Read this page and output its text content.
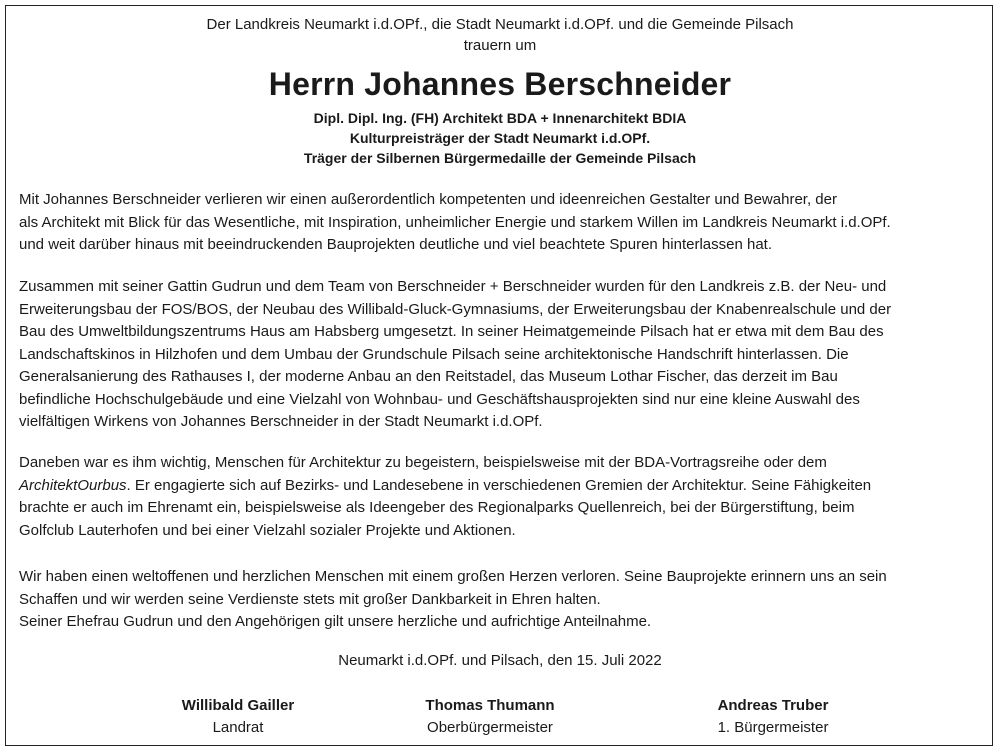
Der Landkreis Neumarkt i.d.OPf., die Stadt Neumarkt i.d.OPf. und die Gemeinde Pilsach
trauern um
Herrn Johannes Berschneider
Dipl. Dipl. Ing. (FH) Architekt BDA + Innenarchitekt BDIA
Kulturpreisträger der Stadt Neumarkt i.d.OPf.
Träger der Silbernen Bürgermedaille der Gemeinde Pilsach
Mit Johannes Berschneider verlieren wir einen außerordentlich kompetenten und ideenreichen Gestalter und Bewahrer, der
als Architekt mit Blick für das Wesentliche, mit Inspiration, unheimlicher Energie und starkem Willen im Landkreis Neumarkt i.d.OPf.
und weit darüber hinaus mit beeindruckenden Bauprojekten deutliche und viel beachtete Spuren hinterlassen hat.
Zusammen mit seiner Gattin Gudrun und dem Team von Berschneider + Berschneider wurden für den Landkreis z.B. der Neu- und
Erweiterungsbau der FOS/BOS, der Neubau des Willibald-Gluck-Gymnasiums, der Erweiterungsbau der Knabenrealschule und der
Bau des Umweltbildungszentrums Haus am Habsberg umgesetzt. In seiner Heimatgemeinde Pilsach hat er etwa mit dem Bau des
Landschaftskinos in Hilzhofen und dem Umbau der Grundschule Pilsach seine architektonische Handschrift hinterlassen. Die
Generalsanierung des Rathauses I, der moderne Anbau an den Reitstadel, das Museum Lothar Fischer, das derzeit im Bau
befindliche Hochschulgebäude und eine Vielzahl von Wohnbau- und Geschäftshausprojekten sind nur eine kleine Auswahl des
vielfältigen Wirkens von Johannes Berschneider in der Stadt Neumarkt i.d.OPf.
Daneben war es ihm wichtig, Menschen für Architektur zu begeistern, beispielsweise mit der BDA-Vortragsreihe oder dem
ArchitektOurbus. Er engagierte sich auf Bezirks- und Landesebene in verschiedenen Gremien der Architektur. Seine Fähigkeiten
brachte er auch im Ehrenamt ein, beispielsweise als Ideengeber des Regionalparks Quellenreich, bei der Bürgerstiftung, beim
Golfclub Lauterhofen und bei einer Vielzahl sozialer Projekte und Aktionen.
Wir haben einen weltoffenen und herzlichen Menschen mit einem großen Herzen verloren. Seine Bauprojekte erinnern uns an sein
Schaffen und wir werden seine Verdienste stets mit großer Dankbarkeit in Ehren halten.
Seiner Ehefrau Gudrun und den Angehörigen gilt unsere herzliche und aufrichtige Anteilnahme.
Neumarkt i.d.OPf. und Pilsach, den 15. Juli 2022
Willibald Gailler
Landrat
Thomas Thumann
Oberbürgermeister
Andreas Truber
1. Bürgermeister
